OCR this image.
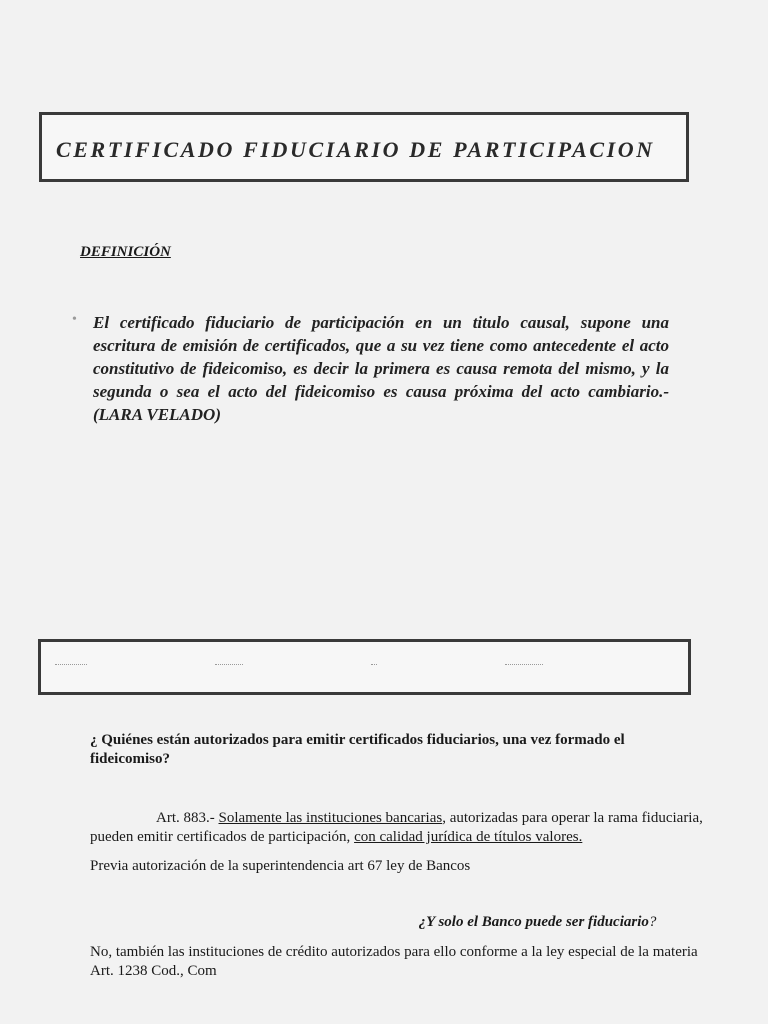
CERTIFICADO FIDUCIARIO DE PARTICIPACION
DEFINICIÓN
• El certificado fiduciario de participación en un titulo causal, supone una escritura de emisión de certificados, que a su vez tiene como antecedente el acto constitutivo de fideicomiso, es decir la primera es causa remota del mismo, y la segunda o sea el acto del fideicomiso es causa próxima del acto cambiario.- (LARA VELADO)

¿ Quiénes están autorizados para emitir certificados fiduciarios, una vez formado el fideicomiso?

Art. 883.- Solamente las instituciones bancarias, autorizadas para operar la rama fiduciaria, pueden emitir certificados de participación, con calidad jurídica de títulos valores.

Previa autorización de la superintendencia art 67 ley de Bancos

¿Y solo el Banco puede ser fiduciario?

No, también las instituciones de crédito autorizados para ello conforme a la ley especial de la materia Art. 1238 Cod., Com
